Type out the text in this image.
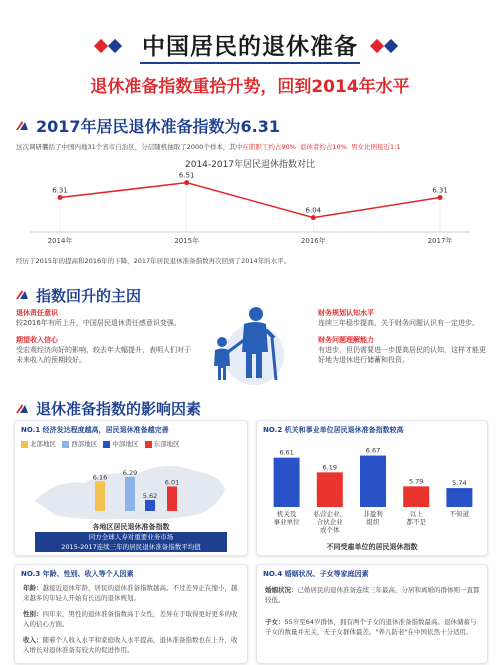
中国居民的退休准备
退休准备指数重拾升势，回到2014年水平
2017年居民退休准备指数为6.31
这次调研囊括了中国内地31个省市自治区，分层随机抽取了2000个样本，其中在职职工约占90% 退休者约占10% 男女比例接近1:1
2014-2017年居民退休指数对比
6.31
2014年
6.51
2015年
6.04
2016年
6.31
2017年
经历了2015年的提高和2016年的下降，2017年居民退休准备指数再次回到了2014年的水平。
指数回升的主因
退休责任意识
较2016年有所上升，中国居民退休责任感意识变强。
期望收入信心
受宏观经济向好的影响，较去年大幅提升，表明人们对于未来收入的预期较好。
财务规划认知水平
连续三年稳步提高，关于财务问题认识有一定进步。
财务问题理解能力
有进步，但仍需要进一步提高居民的认知，这样才能更好地为退休进行储蓄和投资。
退休准备指数的影响因素
NO.1 经济发达程度越高，居民退休准备越完善
北部地区 西部地区 中部地区 东部地区
6.16
6.29
5.62
6.01
各地区居民退休准备指数
同方全球人寿对重要业务市场
2015-2017连续三年的居民退休准备指数平均值
NO.2 机关和事业单位居民退休准备指数较高
6.61
机关及
事业单位
6.19
私营企业、
合伙企业
或个体
6.67
非盈利
组织
5.79
以上
都不是
5.74
不知道
不同受雇单位的居民退休指数
NO.3 年龄、性别、收入等个人因素
年龄：越接近退休年龄，居民的退休准备指数越高。不过差异正在缩小，越来越多的年轻人开始有长远的退休规划。
性别：四年来，男性的退休准备指数高于女性，差异在于取得更好更多的收入的信心方面。
收入：随着个人收入水平和家庭收入水平提高，退休准备指数也在上升，收入增长对退休准备有较大的促进作用。
NO.4 婚姻状况、子女等家庭因素
婚姻状况：已婚居民的退休准备连续三年最高，分居和离婚的群体则一直都较低。
子女：55岁至64岁群体，拥有两个子女的退休准备指数最高。退休储蓄与子女的数量并无关，无子女群体最差。"养儿防老"在中国依然十分适用。
